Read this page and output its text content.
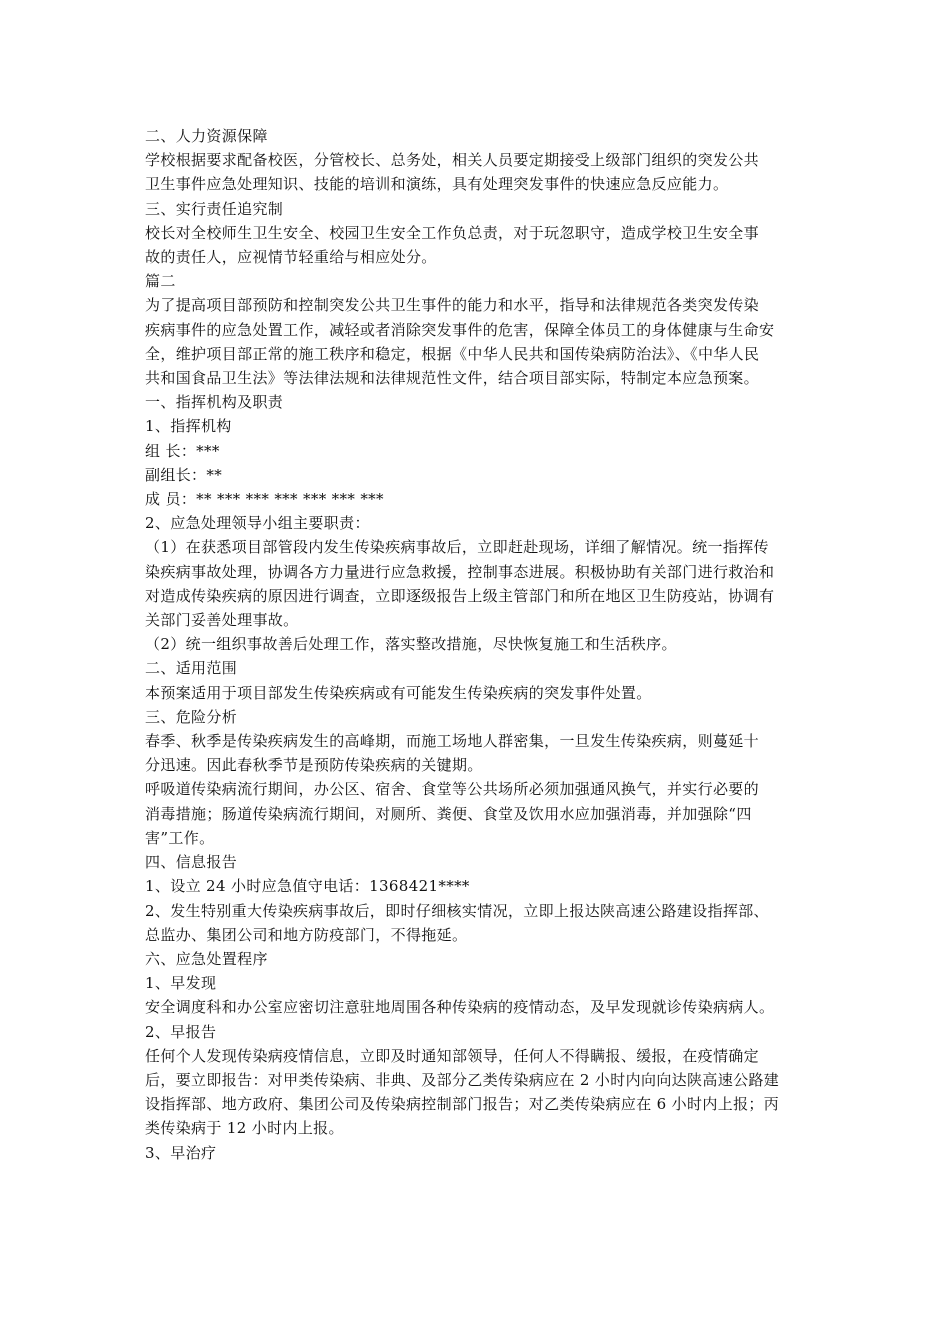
二、人力资源保障

学校根据要求配备校医，分管校长、总务处，相关人员要定期接受上级部门组织的突发公共

卫生事件应急处理知识、技能的培训和演练，具有处理突发事件的快速应急反应能力。

三、实行责任追究制

校长对全校师生卫生安全、校园卫生安全工作负总责，对于玩忽职守，造成学校卫生安全事

故的责任人，应视情节轻重给与相应处分。

篇二

为了提高项目部预防和控制突发公共卫生事件的能力和水平，指导和法律规范各类突发传染

疾病事件的应急处置工作，减轻或者消除突发事件的危害，保障全体员工的身体健康与生命安

全，维护项目部正常的施工秩序和稳定，根据《中华人民共和国传染病防治法》、《中华人民

共和国食品卫生法》等法律法规和法律规范性文件，结合项目部实际，特制定本应急预案。

一、指挥机构及职责

1、指挥机构

组 长：***

副组长：**

成 员：** *** *** *** *** *** ***

2、应急处理领导小组主要职责：

（1）在获悉项目部管段内发生传染疾病事故后，立即赶赴现场，详细了解情况。统一指挥传

染疾病事故处理，协调各方力量进行应急救援，控制事态进展。积极协助有关部门进行救治和

对造成传染疾病的原因进行调查，立即逐级报告上级主管部门和所在地区卫生防疫站，协调有

关部门妥善处理事故。

（2）统一组织事故善后处理工作，落实整改措施，尽快恢复施工和生活秩序。

二、适用范围

本预案适用于项目部发生传染疾病或有可能发生传染疾病的突发事件处置。

三、危险分析

春季、秋季是传染疾病发生的高峰期，而施工场地人群密集，一旦发生传染疾病，则蔓延十

分迅速。因此春秋季节是预防传染疾病的关键期。

呼吸道传染病流行期间，办公区、宿舍、食堂等公共场所必须加强通风换气，并实行必要的

消毒措施；肠道传染病流行期间，对厕所、粪便、食堂及饮用水应加强消毒，并加强除“四

害”工作。

四、信息报告

1、设立 24 小时应急值守电话：1368421****

2、发生特别重大传染疾病事故后，即时仔细核实情况，立即上报达陕高速公路建设指挥部、

总监办、集团公司和地方防疫部门，不得拖延。

六、应急处置程序

1、早发现

安全调度科和办公室应密切注意驻地周围各种传染病的疫情动态，及早发现就诊传染病病人。

2、早报告

任何个人发现传染病疫情信息，立即及时通知部领导，任何人不得瞒报、缓报，在疫情确定

后，要立即报告：对甲类传染病、非典、及部分乙类传染病应在 2 小时内向向达陕高速公路建

设指挥部、地方政府、集团公司及传染病控制部门报告；对乙类传染病应在 6 小时内上报；丙

类传染病于 12 小时内上报。

3、早治疗
